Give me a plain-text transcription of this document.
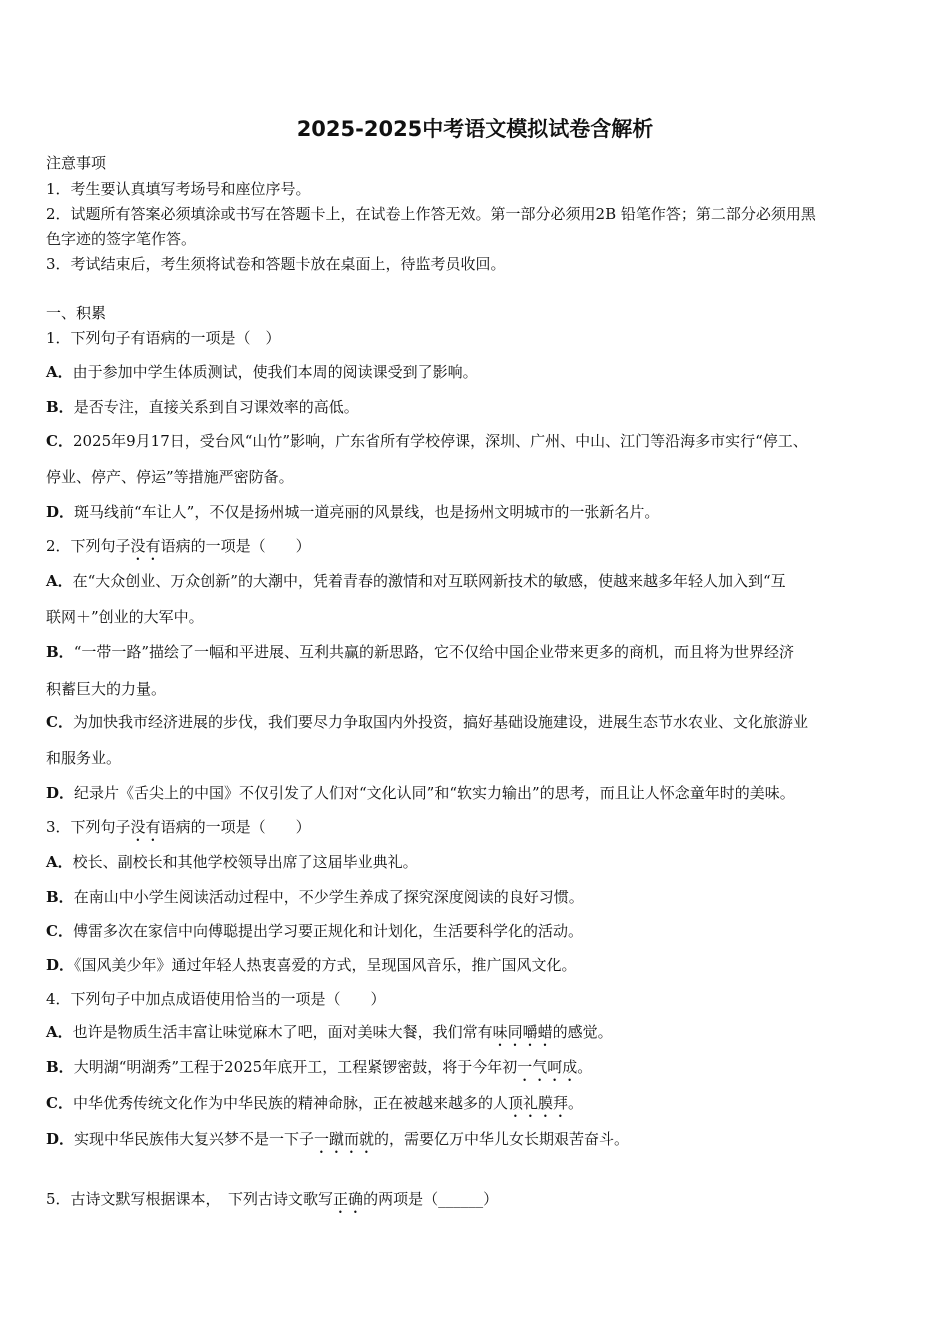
2025-2025中考语文模拟试卷含解析
注意事项
1．考生要认真填写考场号和座位序号。
2．试题所有答案必须填涂或书写在答题卡上，在试卷上作答无效。第一部分必须用2B 铅笔作答；第二部分必须用黑
色字迹的签字笔作答。
3．考试结束后，考生须将试卷和答题卡放在桌面上，待监考员收回。
一、积累
1．下列句子有语病的一项是（　）
A．由于参加中学生体质测试，使我们本周的阅读课受到了影响。
B．是否专注，直接关系到自习课效率的高低。
C．2025年9月17日，受台风“山竹”影响，广东省所有学校停课，深圳、广州、中山、江门等沿海多市实行“停工、
停业、停产、停运”等措施严密防备。
D．斑马线前“车让人”，不仅是扬州城一道亮丽的风景线，也是扬州文明城市的一张新名片。
2．下列句子没有语病的一项是（　　）
A．在“大众创业、万众创新”的大潮中，凭着青春的激情和对互联网新技术的敏感，使越来越多年轻人加入到“互
联网＋”创业的大军中。
B．“一带一路”描绘了一幅和平进展、互利共赢的新思路，它不仅给中国企业带来更多的商机，而且将为世界经济
积蓄巨大的力量。
C．为加快我市经济进展的步伐，我们要尽力争取国内外投资，搞好基础设施建设，进展生态节水农业、文化旅游业
和服务业。
D．纪录片《舌尖上的中国》不仅引发了人们对“文化认同”和“软实力输出”的思考，而且让人怀念童年时的美味。
3．下列句子没有语病的一项是（　　）
A．校长、副校长和其他学校领导出席了这届毕业典礼。
B．在南山中小学生阅读活动过程中，不少学生养成了探究深度阅读的良好习惯。
C．傅雷多次在家信中向傅聪提出学习要正规化和计划化，生活要科学化的活动。
D．《国风美少年》通过年轻人热衷喜爱的方式，呈现国风音乐，推广国风文化。
4．下列句子中加点成语使用恰当的一项是（　　）
A．也许是物质生活丰富让味觉麻木了吧，面对美味大餐，我们常有味同嚼蜡的感觉。
B．大明湖“明湖秀”工程于2025年底开工，工程紧锣密鼓，将于今年初一气呵成。
C．中华优秀传统文化作为中华民族的精神命脉，正在被越来越多的人顶礼膜拜。
D．实现中华民族伟大复兴梦不是一下子一蹴而就的，需要亿万中华儿女长期艰苦奋斗。
5．古诗文默写根据课本，　下列古诗文歌写正确的两项是（______）
